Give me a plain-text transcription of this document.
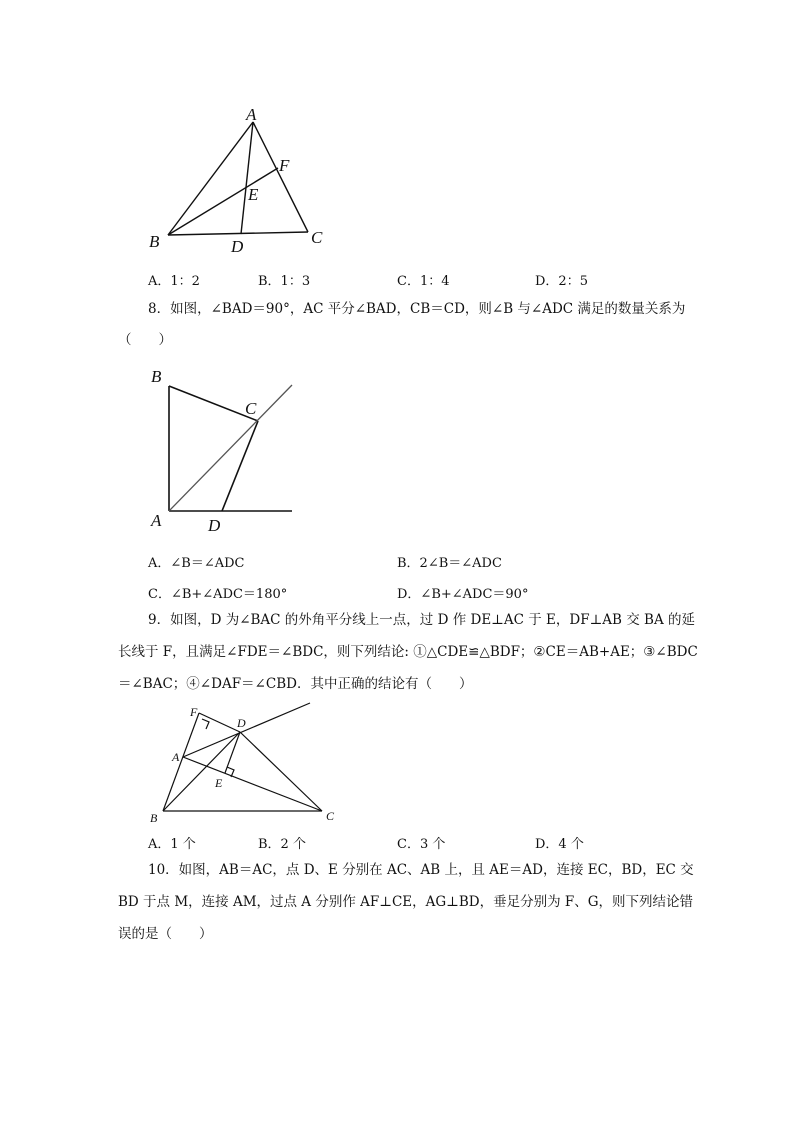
A
B	C
D
E
F
A．1：2	B．1：3	C．1：4	D．2：5
8．如图，∠BAD＝90°，AC 平分∠BAD，CB＝CD，则∠B 与∠ADC 满足的数量关系为
（　　）
B
C
A	D
A．∠B＝∠ADC	B．2∠B＝∠ADC
C．∠B+∠ADC＝180°	D．∠B+∠ADC＝90°
9．如图，D 为∠BAC 的外角平分线上一点，过 D 作 DE⊥AC 于 E，DF⊥AB 交 BA 的延
长线于 F，且满足∠FDE＝∠BDC，则下列结论: ①△CDE≌△BDF；②CE＝AB+AE；③∠BDC
＝∠BAC；④∠DAF＝∠CBD．其中正确的结论有（　　）
F
D
A
E
B	C
A．1 个	B．2 个	C．3 个	D．4 个
10．如图，AB＝AC，点 D、E 分别在 AC、AB 上，且 AE＝AD，连接 EC，BD，EC 交
BD 于点 M，连接 AM，过点 A 分别作 AF⊥CE，AG⊥BD，垂足分别为 F、G，则下列结论错
误的是（　　）
